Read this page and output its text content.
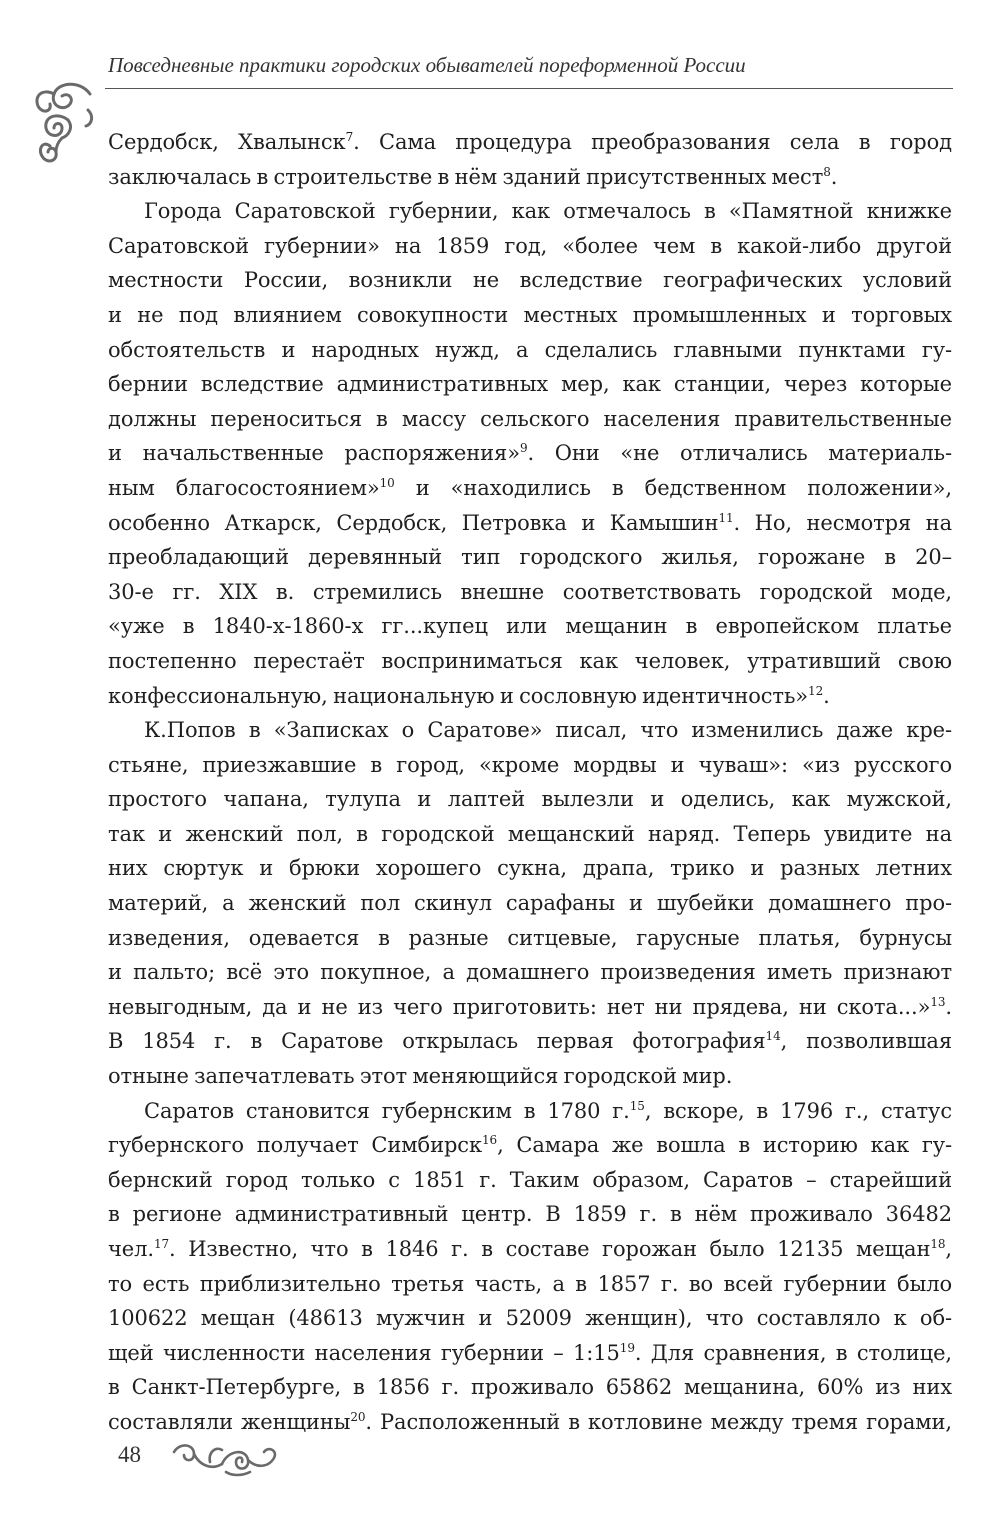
Повседневные практики городских обывателей пореформенной России
Сердобск, Хвалынск$^7$. Сама процедура преобразования села в город
заключалась в строительстве в нём зданий присутственных мест$^8$.
Города Саратовской губернии, как отмечалось в «Памятной книжке
Саратовской губернии» на 1859 год, «более чем в какой-либо другой
местности России, возникли не вследствие географических условий
и не под влиянием совокупности местных промышленных и торговых
обстоятельств и народных нужд, а сделались главными пунктами гу-
бернии вследствие административных мер, как станции, через которые
должны переноситься в массу сельского населения правительственные
и начальственные распоряжения»$^9$. Они «не отличались материаль-
ным благосостоянием»$^{10}$ и «находились в бедственном положении»,
особенно Аткарск, Сердобск, Петровка и Камышин$^{11}$. Но, несмотря на
преобладающий деревянный тип городского жилья, горожане в 20–
30-е гг. XIX в. стремились внешне соответствовать городской моде,
«уже в 1840-х-1860-х гг...купец или мещанин в европейском платье
постепенно перестаёт восприниматься как человек, утративший свою
конфессиональную, национальную и сословную идентичность»$^{12}$.
К.Попов в «Записках о Саратове» писал, что изменились даже кре-
стьяне, приезжавшие в город, «кроме мордвы и чуваш»: «из русского
простого чапана, тулупа и лаптей вылезли и оделись, как мужской,
так и женский пол, в городской мещанский наряд. Теперь увидите на
них сюртук и брюки хорошего сукна, драпа, трико и разных летних
материй, а женский пол скинул сарафаны и шубейки домашнего про-
изведения, одевается в разные ситцевые, гарусные платья, бурнусы
и пальто; всё это покупное, а домашнего произведения иметь признают
невыгодным, да и не из чего приготовить: нет ни прядева, ни скота...»$^{13}$.
В 1854 г. в Саратове открылась первая фотография$^{14}$, позволившая
отныне запечатлевать этот меняющийся городской мир.
Саратов становится губернским в 1780 г.$^{15}$, вскоре, в 1796 г., статус
губернского получает Симбирск$^{16}$, Самара же вошла в историю как гу-
бернский город только с 1851 г. Таким образом, Саратов – старейший
в регионе административный центр. В 1859 г. в нём проживало 36482
чел.$^{17}$. Известно, что в 1846 г. в составе горожан было 12135 мещан$^{18}$,
то есть приблизительно третья часть, а в 1857 г. во всей губернии было
100622 мещан (48613 мужчин и 52009 женщин), что составляло к об-
щей численности населения губернии – $1:15^{19}$. Для сравнения, в столице,
в Санкт-Петербурге, в 1856 г. проживало 65862 мещанина, 60% из них
составляли женщины$^{20}$. Расположенный в котловине между тремя горами,
48
